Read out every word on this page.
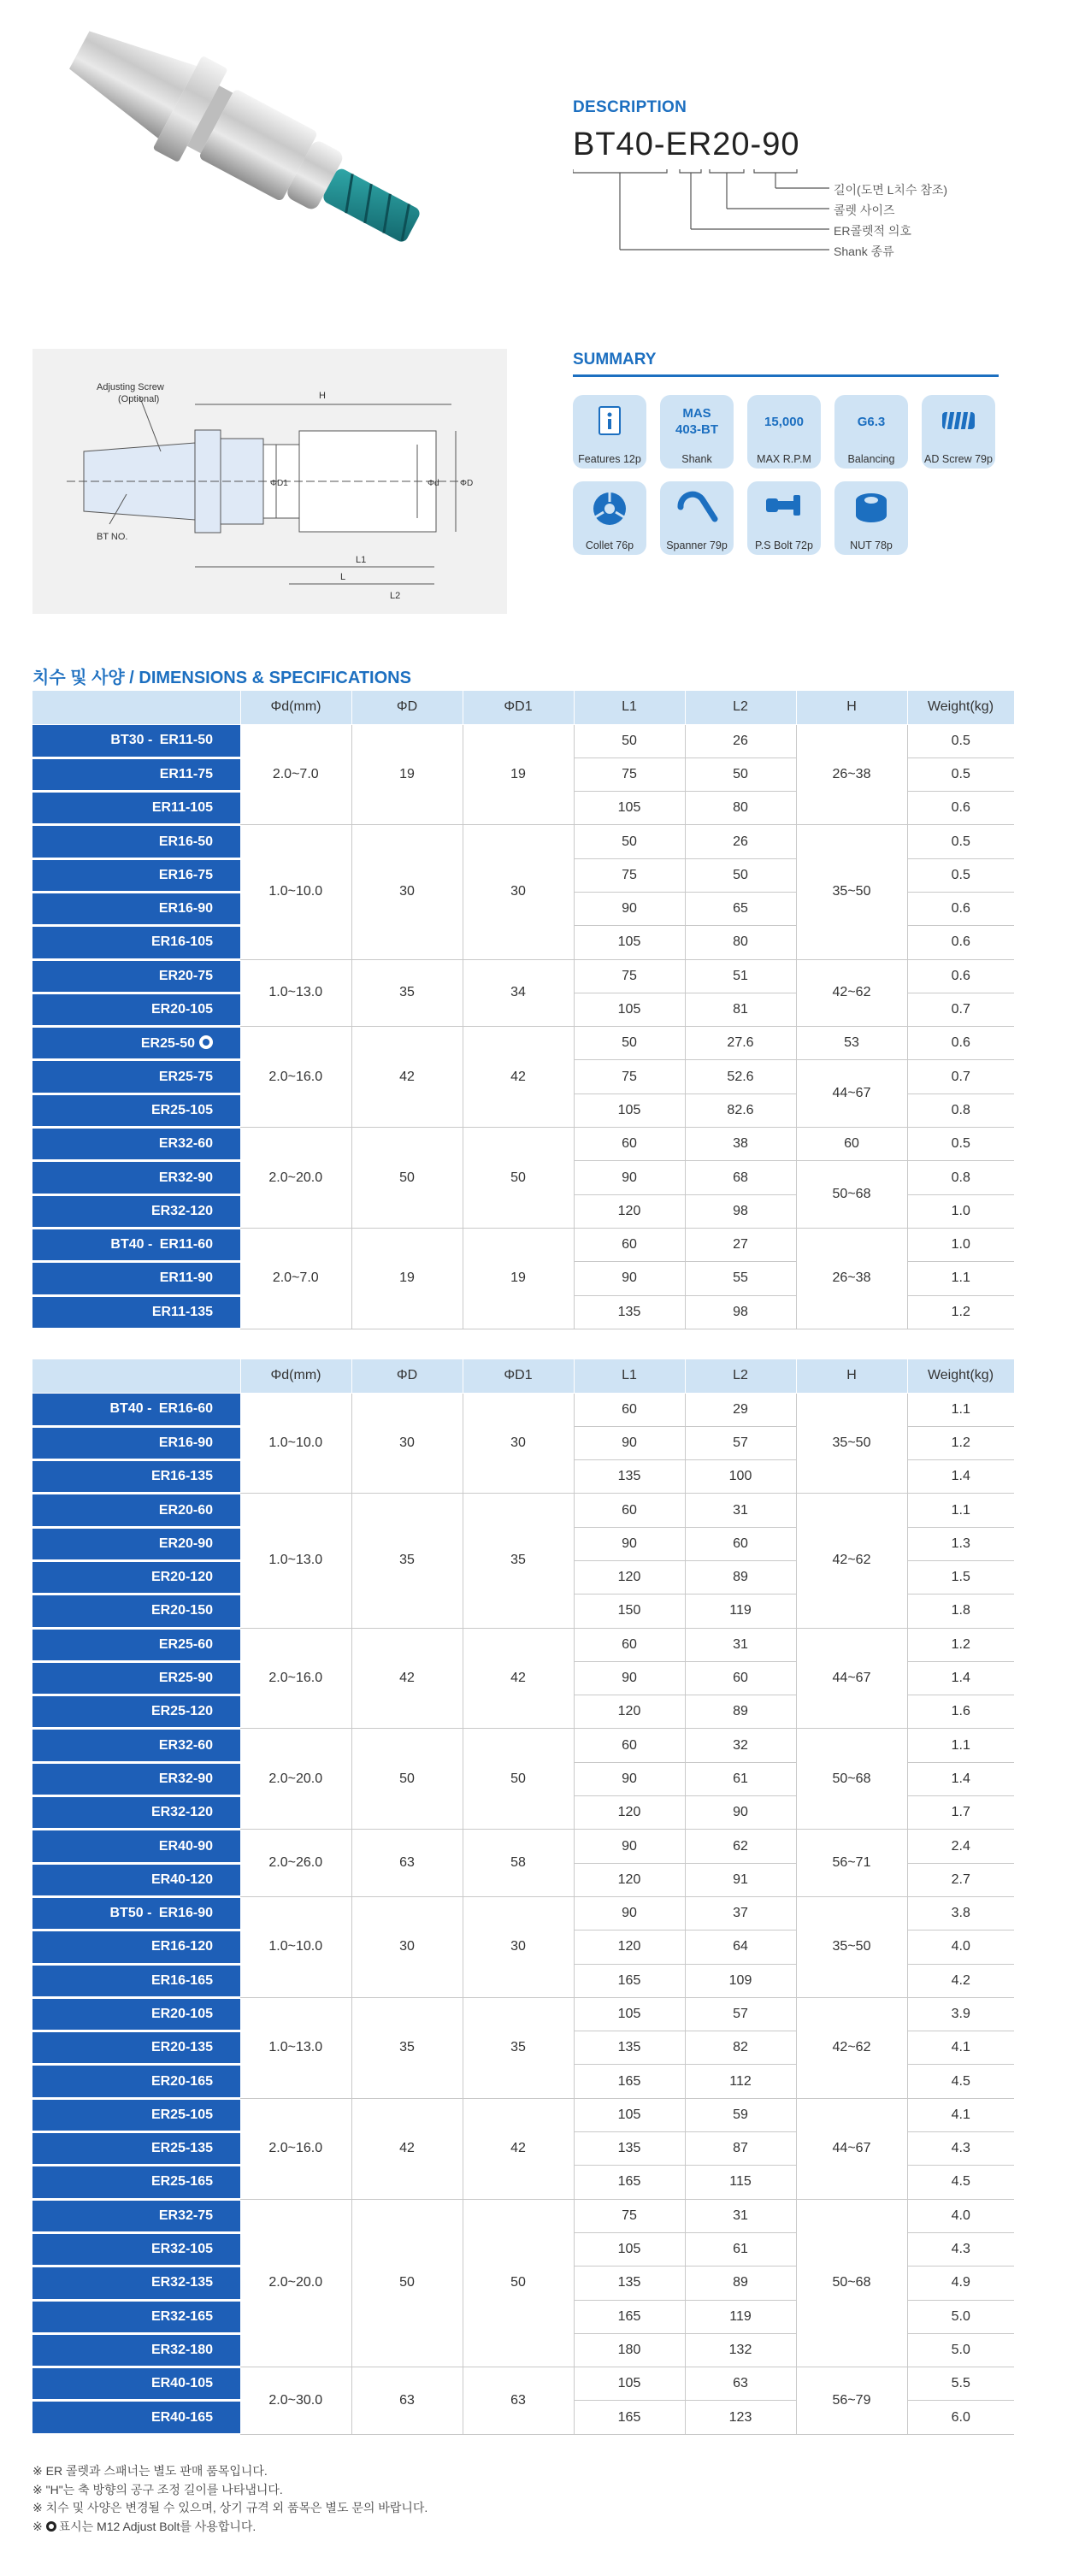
DESCRIPTION
BT40-ER20-90
길이(도면 L치수 참조)
콜렛 사이즈
ER콜렛적 의호
Shank 종류
Adjusting Screw
(Optional)
BT NO.
H
L
L1
L2
ΦD1	Φd ΦD
SUMMARY
치수 및 사양 / DIMENSIONS & SPECIFICATIONS
	Φd(mm)	ΦD	ΦD1	L1	L2	H	Weight(kg)
BT30 - ER11-50	2.0~7.0	19	19	50	26	26~38	0.5
ER11-75				75	50		0.5
ER11-105				105	80		0.6
ER16-50	1.0~10.0	30	30	50	26	35~50	0.5
ER16-75				75	50		0.5
ER16-90				90	65		0.6
ER16-105				105	80		0.6
ER20-75	1.0~13.0	35	34	75	51	42~62	0.6
ER20-105				105	81		0.7
ER25-50	2.0~16.0	42	42	50	27.6	53	0.6
ER25-75				75	52.6	44~67	0.7
ER25-105				105	82.6		0.8
ER32-60	2.0~20.0	50	50	60	38	60	0.5
ER32-90				90	68	50~68	0.8
ER32-120				120	98		1.0
BT40 - ER11-60	2.0~7.0	19	19	60	27	26~38	1.0
ER11-90				90	55		1.1
ER11-135				135	98		1.2
	Φd(mm)	ΦD	ΦD1	L1	L2	H	Weight(kg)
BT40 - ER16-60	1.0~10.0	30	30	60	29	35~50	1.1
ER16-90				90	57		1.2
ER16-135				135	100		1.4
ER20-60	1.0~13.0	35	35	60	31	42~62	1.1
ER20-90				90	60		1.3
ER20-120				120	89		1.5
ER20-150				150	119		1.8
ER25-60	2.0~16.0	42	42	60	31	44~67	1.2
ER25-90				90	60		1.4
ER25-120				120	89		1.6
ER32-60	2.0~20.0	50	50	60	32	50~68	1.1
ER32-90				90	61		1.4
ER32-120				120	90		1.7
ER40-90	2.0~26.0	63	58	90	62	56~71	2.4
ER40-120				120	91		2.7
BT50 - ER16-90	1.0~10.0	30	30	90	37	35~50	3.8
ER16-120				120	64		4.0
ER16-165				165	109		4.2
ER20-105	1.0~13.0	35	35	105	57	42~62	3.9
ER20-135				135	82		4.1
ER20-165				165	112		4.5
ER25-105	2.0~16.0	42	42	105	59	44~67	4.1
ER25-135				135	87		4.3
ER25-165				165	115		4.5
ER32-75	2.0~20.0	50	50	75	31	50~68	4.0
ER32-105				105	61		4.3
ER32-135				135	89		4.9
ER32-165				165	119		5.0
ER32-180				180	132		5.0
ER40-105	2.0~30.0	63	63	105	63	56~79	5.5
ER40-165				165	123		6.0
※ ER 콜렛과 스패너는 별도 판매 품목입니다.
※ "H"는 축 방향의 공구 조정 길이를 나타냅니다.
※ 치수 및 사양은 변경될 수 있으며, 상기 규격 외 품목은 별도 문의 바랍니다.
※ 표시는 M12 Adjust Bolt를 사용합니다.
Features 12p
MAS
403-BT
Shank
15,000
MAX R.P.M
G6.3
Balancing	AD Screw 79p
Collet 76p	Spanner 79p	P.S Bolt 72p	NUT 78p
